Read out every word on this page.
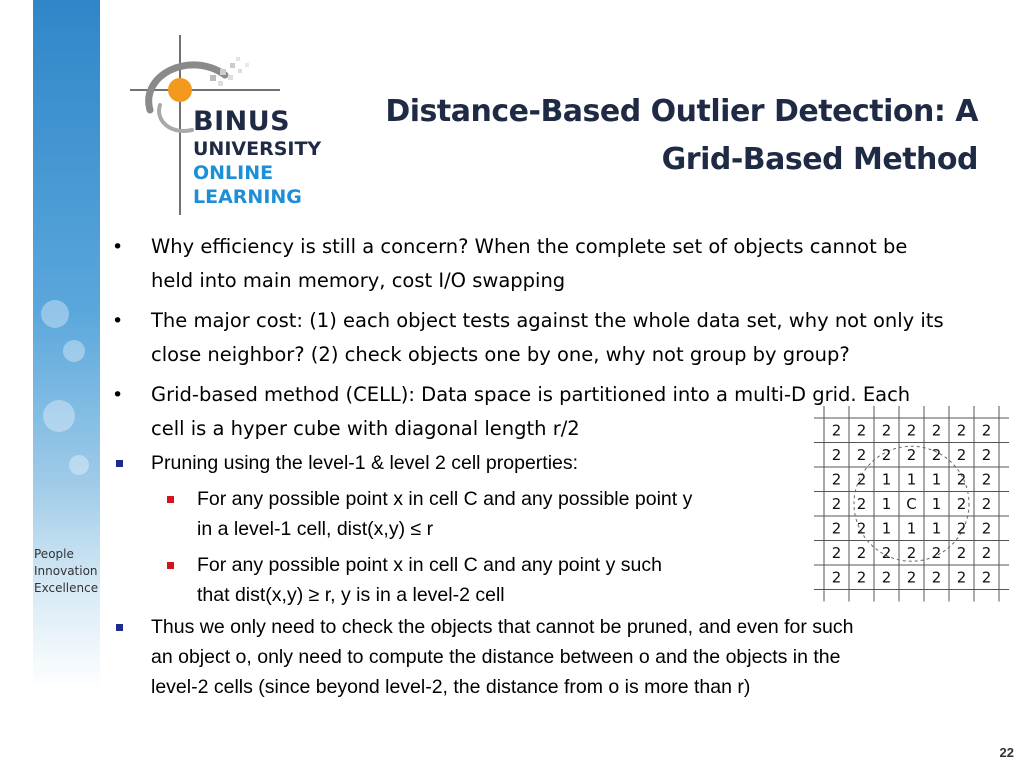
People
Innovation
Excellence
BINUS
UNIVERSITY
ONLINE
LEARNING
Distance-Based Outlier Detection: A
Grid-Based Method
• Why efficiency is still a concern? When the complete set of objects cannot be
held into main memory, cost I/O swapping
• The major cost: (1) each object tests against the whole data set, why not only its
close neighbor? (2) check objects one by one, why not group by group?
• Grid-based method (CELL): Data space is partitioned into a multi-D grid. Each
cell is a hyper cube with diagonal length r/2
Pruning using the level-1 & level 2 cell properties:
For any possible point x in cell C and any possible point y
in a level-1 cell, dist(x,y) ≤ r
For any possible point x in cell C and any point y such
that dist(x,y) ≥ r, y is in a level-2 cell
Thus we only need to check the objects that cannot be pruned, and even for such
an object o, only need to compute the distance between o and the objects in the
level-2 cells (since beyond level-2, the distance from o is more than r)
2 2 2 2 2 2 2
2 2 2 2 2 2 2
2 2 1 1 1 2 2
2 2 1 C 1 2 2
2 2 1 1 1 2 2
2 2 2 2 2 2 2
2 2 2 2 2 2 2
22
